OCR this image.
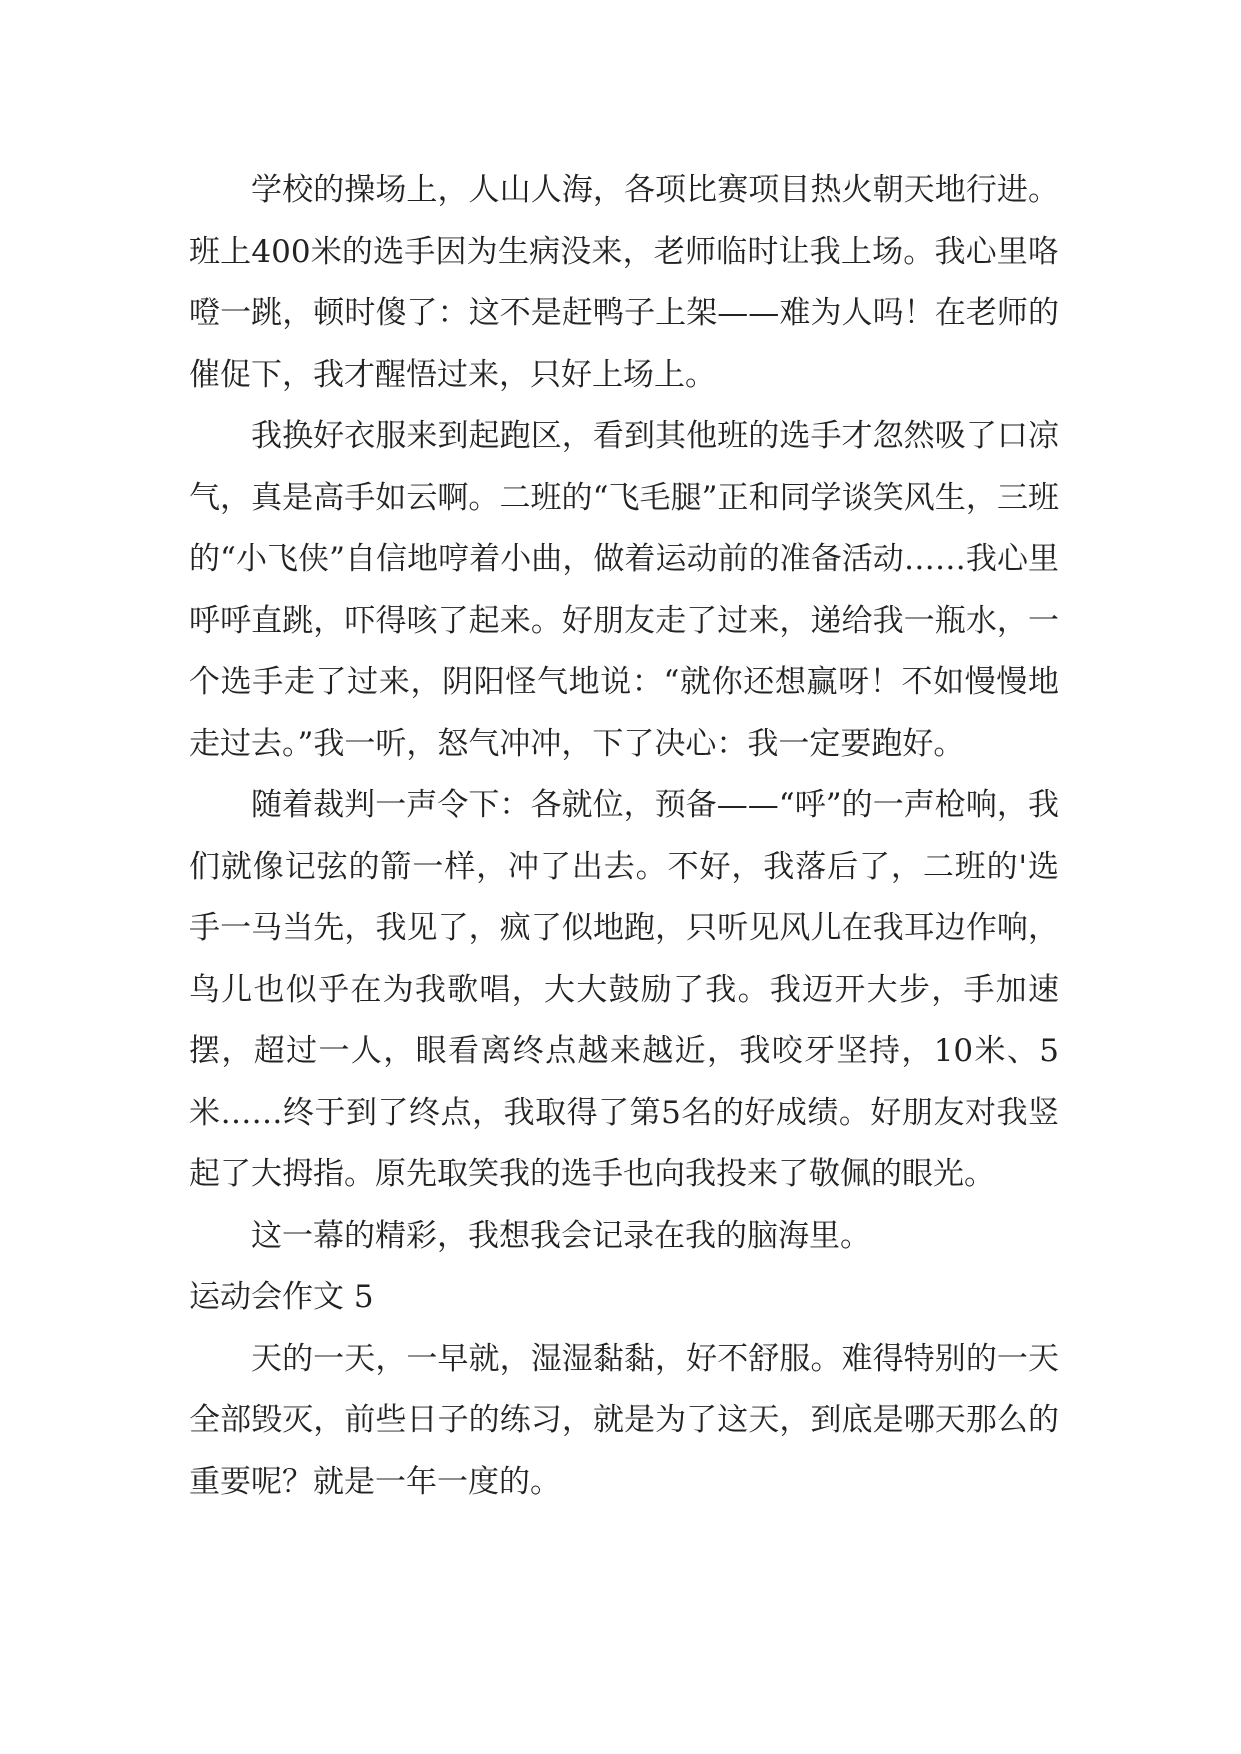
学校的操场上，人山人海，各项比赛项目热火朝天地行进。班上400米的选手因为生病没来，老师临时让我上场。我心里咯噔一跳，顿时傻了：这不是赶鸭子上架——难为人吗！在老师的催促下，我才醒悟过来，只好上场上。

我换好衣服来到起跑区，看到其他班的选手才忽然吸了口凉气，真是高手如云啊。二班的“飞毛腿”正和同学谈笑风生，三班的“小飞侠”自信地哼着小曲，做着运动前的准备活动……我心里呼呼直跳，吓得咳了起来。好朋友走了过来，递给我一瓶水，一个选手走了过来，阴阳怪气地说：“就你还想赢呀！不如慢慢地走过去。”我一听，怒气冲冲，下了决心：我一定要跑好。

随着裁判一声令下：各就位，预备——“呼”的一声枪响，我们就像记弦的箭一样，冲了出去。不好，我落后了，二班的'选手一马当先，我见了，疯了似地跑，只听见风儿在我耳边作响，鸟儿也似乎在为我歌唱，大大鼓励了我。我迈开大步，手加速摆，超过一人，眼看离终点越来越近，我咬牙坚持，10米、5米……终于到了终点，我取得了第5名的好成绩。好朋友对我竖起了大拇指。原先取笑我的选手也向我投来了敬佩的眼光。

这一幕的精彩，我想我会记录在我的脑海里。

运动会作文 5

天的一天，一早就，湿湿黏黏，好不舒服。难得特别的一天全部毁灭，前些日子的练习，就是为了这天，到底是哪天那么的重要呢？就是一年一度的。
